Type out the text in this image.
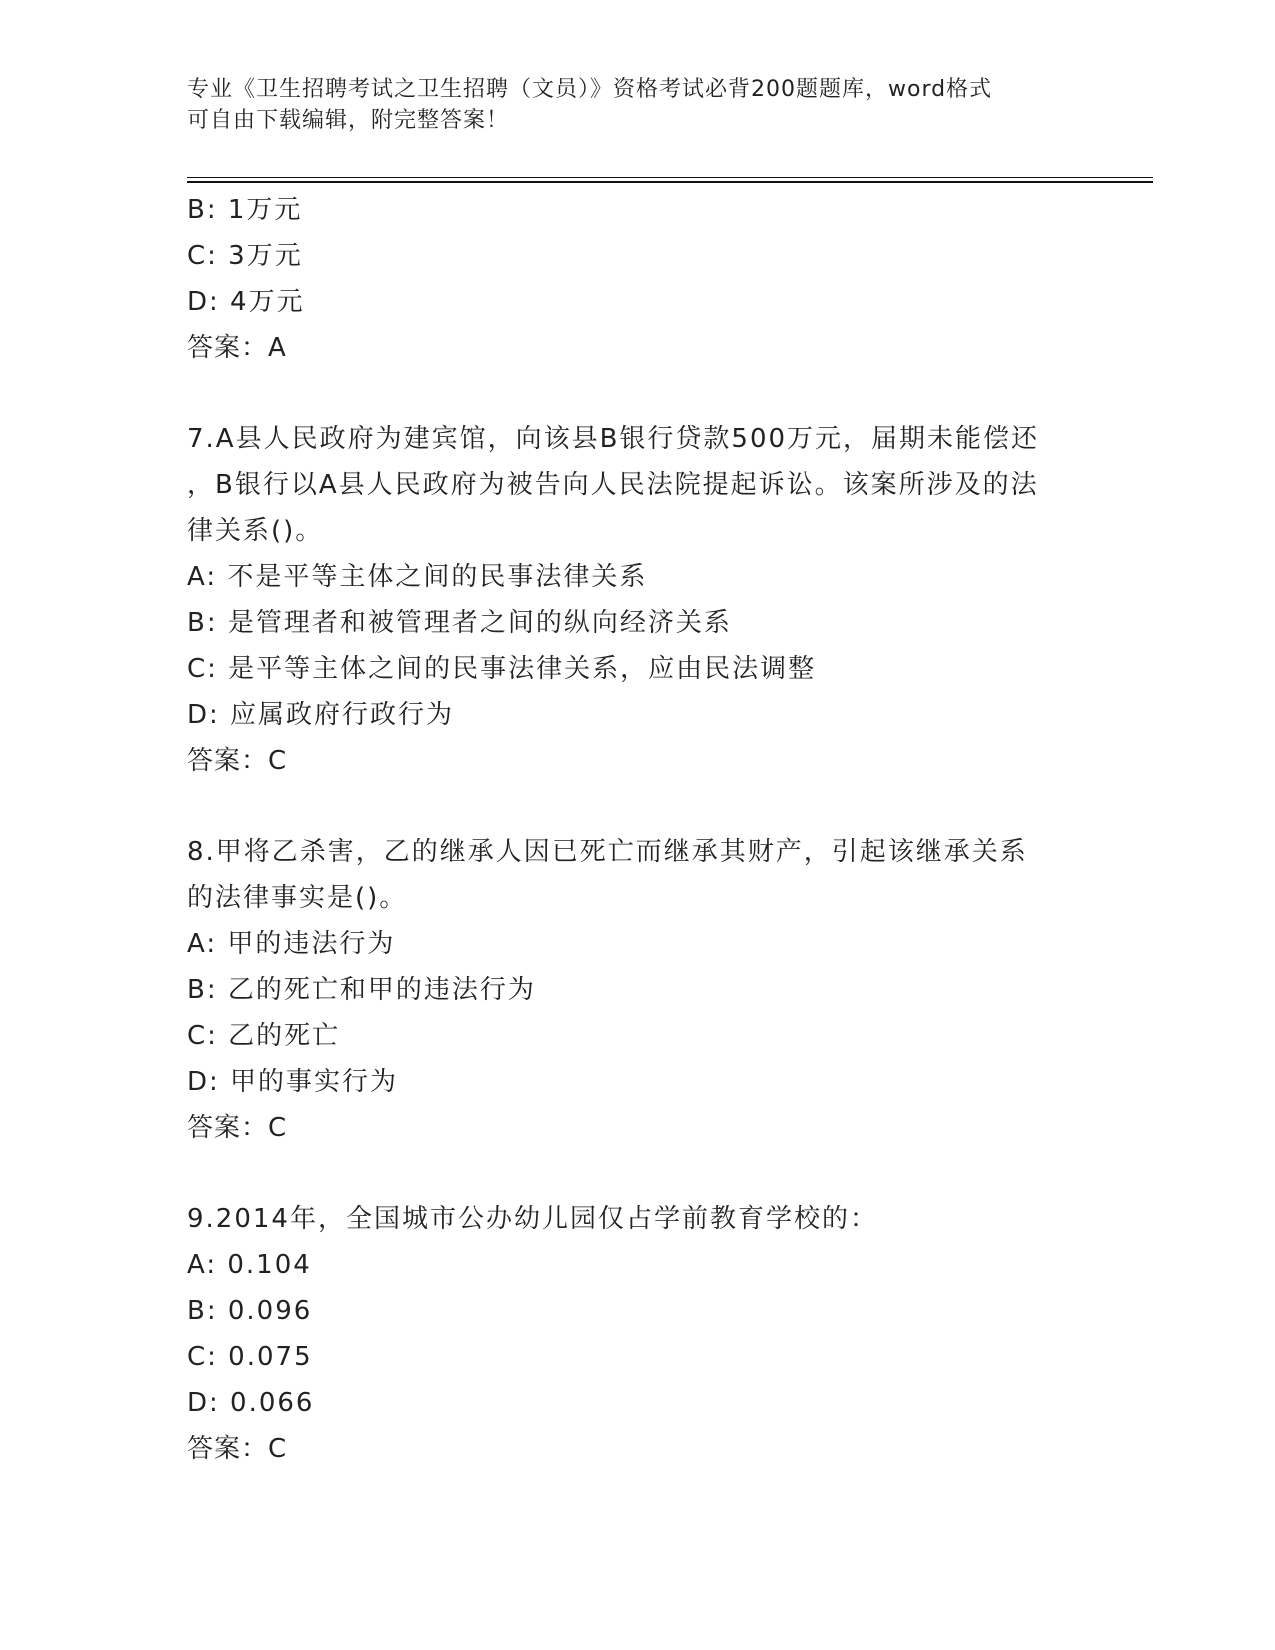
专业《卫生招聘考试之卫生招聘（文员）》资格考试必背200题题库，word格式
可自由下载编辑，附完整答案！
B: 1万元
C: 3万元
D: 4万元
答案：A
7.A县人民政府为建宾馆，向该县B银行贷款500万元，届期未能偿还
，B银行以A县人民政府为被告向人民法院提起诉讼。该案所涉及的法
律关系()。
A: 不是平等主体之间的民事法律关系
B: 是管理者和被管理者之间的纵向经济关系
C: 是平等主体之间的民事法律关系，应由民法调整
D: 应属政府行政行为
答案：C
8.甲将乙杀害，乙的继承人因已死亡而继承其财产，引起该继承关系
的法律事实是()。
A: 甲的违法行为
B: 乙的死亡和甲的违法行为
C: 乙的死亡
D: 甲的事实行为
答案：C
9.2014年，全国城市公办幼儿园仅占学前教育学校的：
A: 0.104
B: 0.096
C: 0.075
D: 0.066
答案：C
